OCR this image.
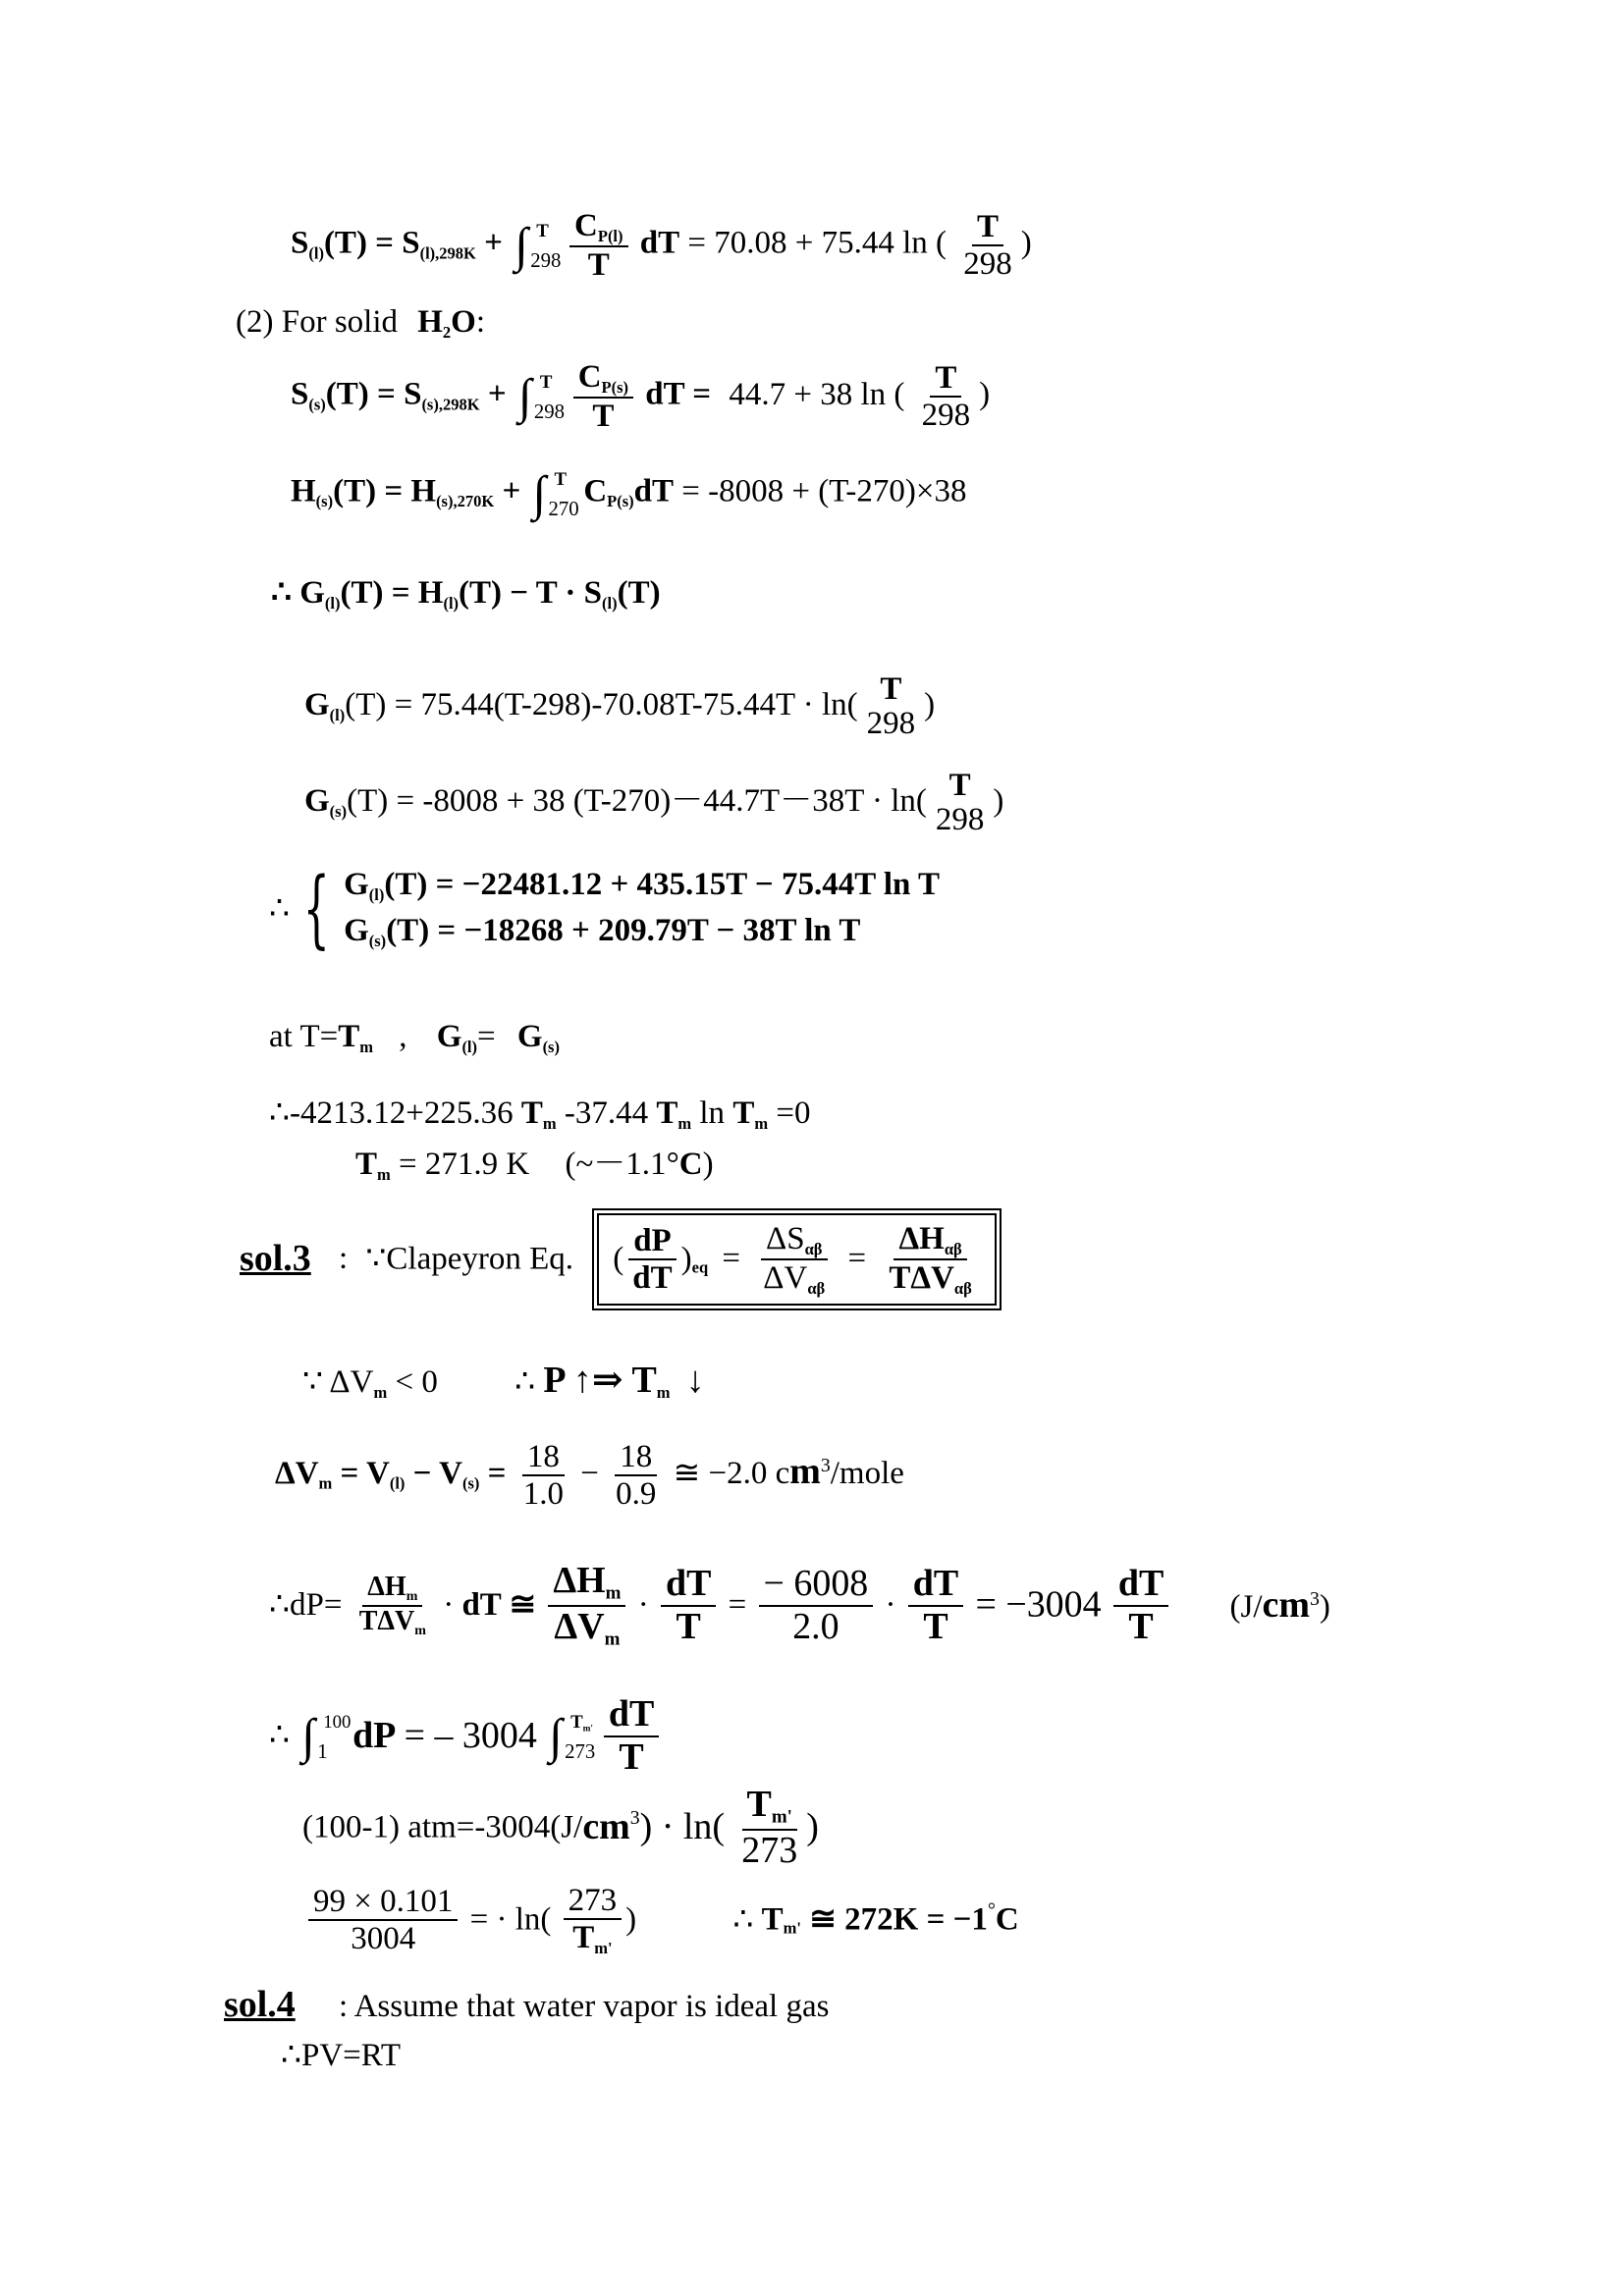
$S_{(l)}(T) = S_{(l),298K}$ + ∫ T
298
$\frac{C_{P(l)}}{T}$ dT = 70.08 + 75.44 ln ( $\frac{T}{298}$ )
(2) For solid $H_2O$:
$S_{(s)}(T) = S_{(s),298K}$ + ∫ T
298
$\frac{C_{P(s)}}{T}$ dT = 44.7 + 38 ln ( $\frac{T}{298}$ )
$H_{(s)}(T) = H_{(s),270K}$ + ∫ T
270 $C_{P(s)}dT = -8008 + (T-270)\times 38$
∴ $G_{(l)}(T) = H_{(l)}(T) - T \cdot S_{(l)}(T)$
$G_{(l)}(T) = 75.44(T-298)-70.08T-75.44T \cdot \ln$( T
298
)
$G_{(s)}(T) = -8008 + 38$ (T-270)－44.7T－38T · ln( T
298
)
∴ { $G_{(l)}(T) = -22481.12 + 435.15T - 75.44T$ ln T
$G_{(s)}(T) = -18268 + 209.79T - 38T$ ln T
at $T=T_m$ , $G_{(l)}= G_{(s)}$
∴-4213.12+225.36 $T_m$ -37.44 $T_m$ $\ln T_m =0$
$T_m = 271.9$ K (~－1.1°C)
sol.3 : ∵Clapeyron Eq. ( $\frac{dP}{dT} )_{eq} = \frac{\Delta S_{\alpha\beta}}{\Delta V_{\alpha\beta}} = \frac{\Delta H_{\alpha\beta}}{T\Delta V_{\alpha\beta}}$
∵ $\Delta V_m < 0$ ∴ P ↑⇒ $T_m$ ↓
$\Delta V_m = V_{(l)} - V_{(s)} = \frac{18}{1.0} - \frac{18}{0.9}$ ≅ −2.0 $cm^3$/mole
∴dP= $\frac{\Delta H_m}{T\Delta V_m}$ · dT ≅ $\frac{\Delta H_m}{\Delta V_m} \cdot \frac{dT}{T} = \frac{- 6008}{2.0} \cdot \frac{dT}{T} = -3004 \frac{dT}{T} (J/cm^3)$
∴ ∫ 100
1 dP = – 3004 ∫ $T_{m'}$
273
$\frac{dT}{T}$
(100-1) $atm=-3004(J/cm^3) \cdot \ln( \frac{T_{m'}}{273}$ )
$\frac{99 \times 0.101}{3004}$ = · $\ln( \frac{273}{T_{m'}}$ )	∴ $T_{m'}$ ≅ 272K = −1°C
sol.4 : Assume that water vapor is ideal gas
∴PV=RT
